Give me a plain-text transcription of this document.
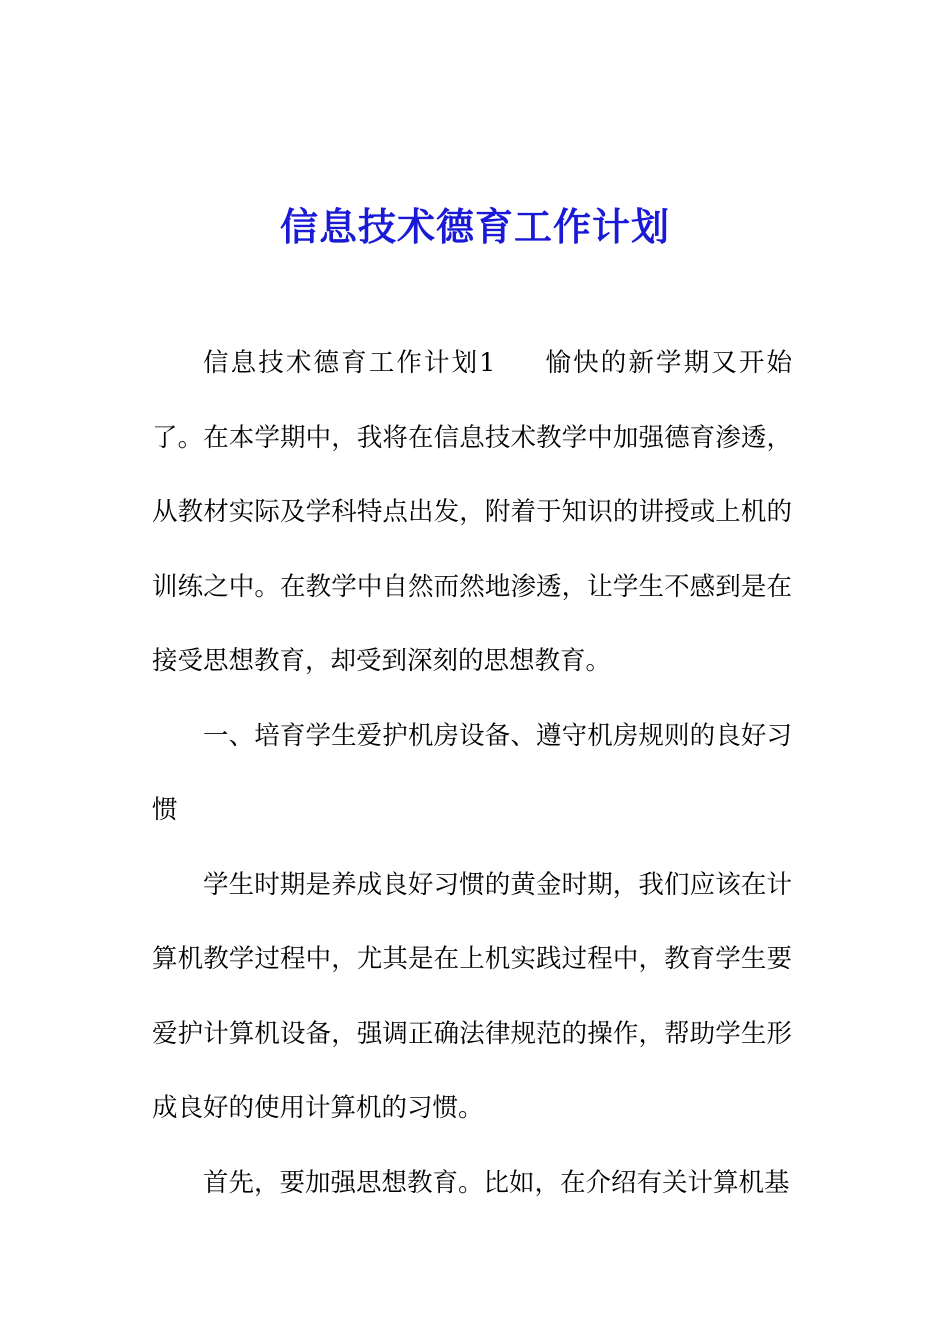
信息技术德育工作计划

信息技术德育工作计划1 愉快的新学期又开始了。在本学期中，我将在信息技术教学中加强德育渗透，从教材实际及学科特点出发，附着于知识的讲授或上机的训练之中。在教学中自然而然地渗透，让学生不感到是在接受思想教育，却受到深刻的思想教育。

一、培育学生爱护机房设备、遵守机房规则的良好习惯

学生时期是养成良好习惯的黄金时期，我们应该在计算机教学过程中，尤其是在上机实践过程中，教育学生要爱护计算机设备，强调正确法律规范的操作，帮助学生形成良好的使用计算机的习惯。

首先，要加强思想教育。比如，在介绍有关计算机基
